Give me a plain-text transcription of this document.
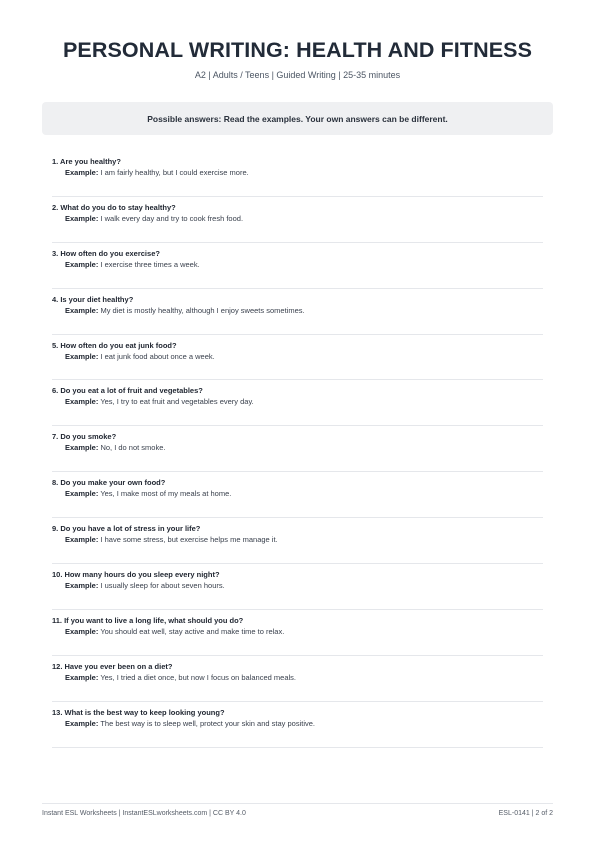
PERSONAL WRITING: HEALTH AND FITNESS
A2 | Adults / Teens | Guided Writing | 25-35 minutes
Possible answers: Read the examples. Your own answers can be different.
1. Are you healthy?
Example: I am fairly healthy, but I could exercise more.
2. What do you do to stay healthy?
Example: I walk every day and try to cook fresh food.
3. How often do you exercise?
Example: I exercise three times a week.
4. Is your diet healthy?
Example: My diet is mostly healthy, although I enjoy sweets sometimes.
5. How often do you eat junk food?
Example: I eat junk food about once a week.
6. Do you eat a lot of fruit and vegetables?
Example: Yes, I try to eat fruit and vegetables every day.
7. Do you smoke?
Example: No, I do not smoke.
8. Do you make your own food?
Example: Yes, I make most of my meals at home.
9. Do you have a lot of stress in your life?
Example: I have some stress, but exercise helps me manage it.
10. How many hours do you sleep every night?
Example: I usually sleep for about seven hours.
11. If you want to live a long life, what should you do?
Example: You should eat well, stay active and make time to relax.
12. Have you ever been on a diet?
Example: Yes, I tried a diet once, but now I focus on balanced meals.
13. What is the best way to keep looking young?
Example: The best way is to sleep well, protect your skin and stay positive.
Instant ESL Worksheets | InstantESLworksheets.com | CC BY 4.0	ESL-0141 | 2 of 2
